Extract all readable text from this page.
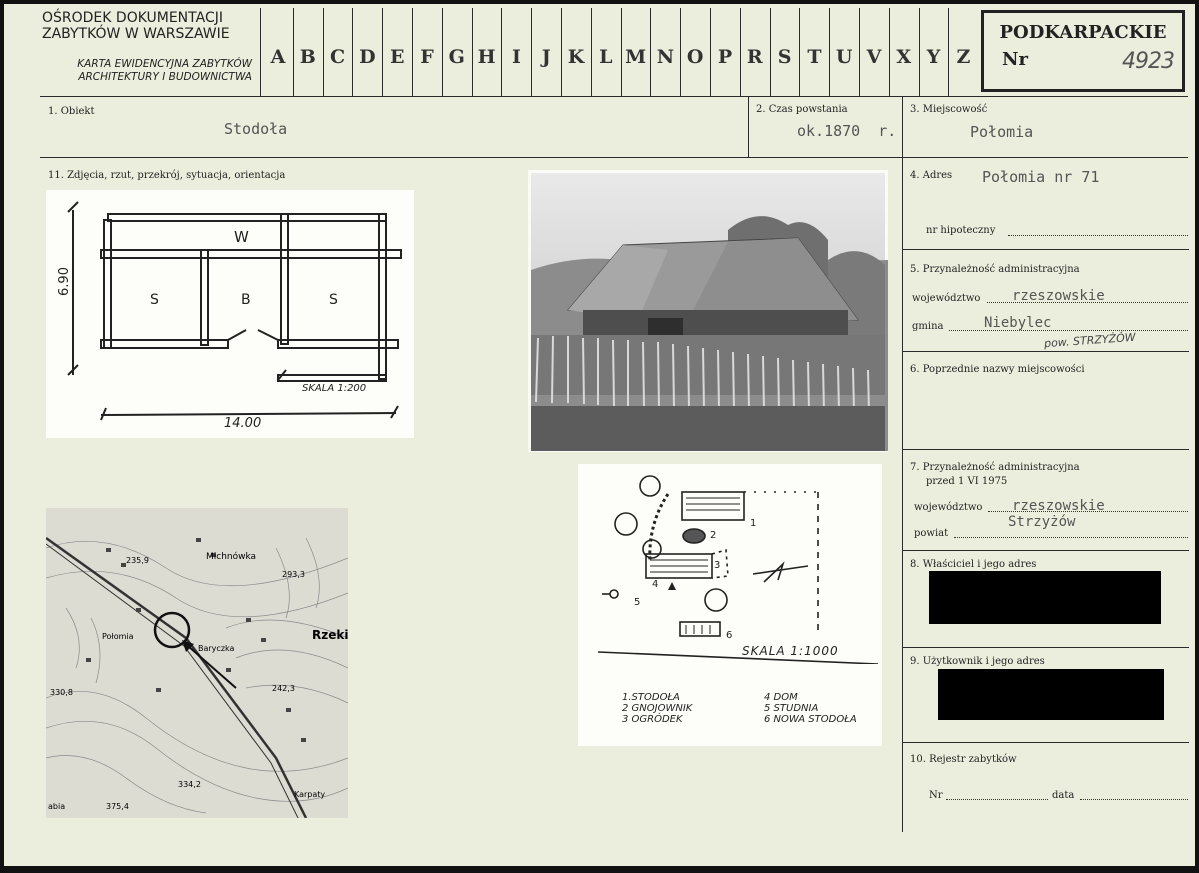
OŚRODEK DOKUMENTACJI
ZABYTKÓW W WARSZAWIE
KARTA EWIDENCYJNA ZABYTKÓW
ARCHITEKTURY I BUDOWNICTWA
PODKARPACKIE
Nr	4923
1. Obiekt
Stodoła
2. Czas powstania
ok.1870  r.
3. Miejscowość
Połomia
11. Zdjęcia, rzut, przekrój, sytuacja, orientacja	4. Adres Połomia nr 71
nr hipoteczny
5. Przynależność administracyjna
województwo rzeszowskie
gmina	Niebylec
pow. STRZYŻÓW
6. Poprzednie nazwy miejscowości
7. Przynależność administracyjna
przed 1 VI 1975
województwo rzeszowskie
powiat
Strzyżów
8. Właściciel i jego adres
9. Użytkownik i jego adres
10. Rejestr zabytków
Nr	data
6.90
W
S	B	S
SKALA 1:200
14.00
235,9	Michnówka
293,3
Połomia	Rzeki
Baryczka
330,8	242,3
334,2
Karpaty
375,4
abia
1
2
3
4
5
6
SKALA 1:1000
1.STODOŁA
2 GNOJOWNIK
3 OGRÓDEK
4 DOM
5 STUDNIA
6 NOWA STODOŁA
A B C D E F G H I	J K L M N O P R S T U V X Y Z
